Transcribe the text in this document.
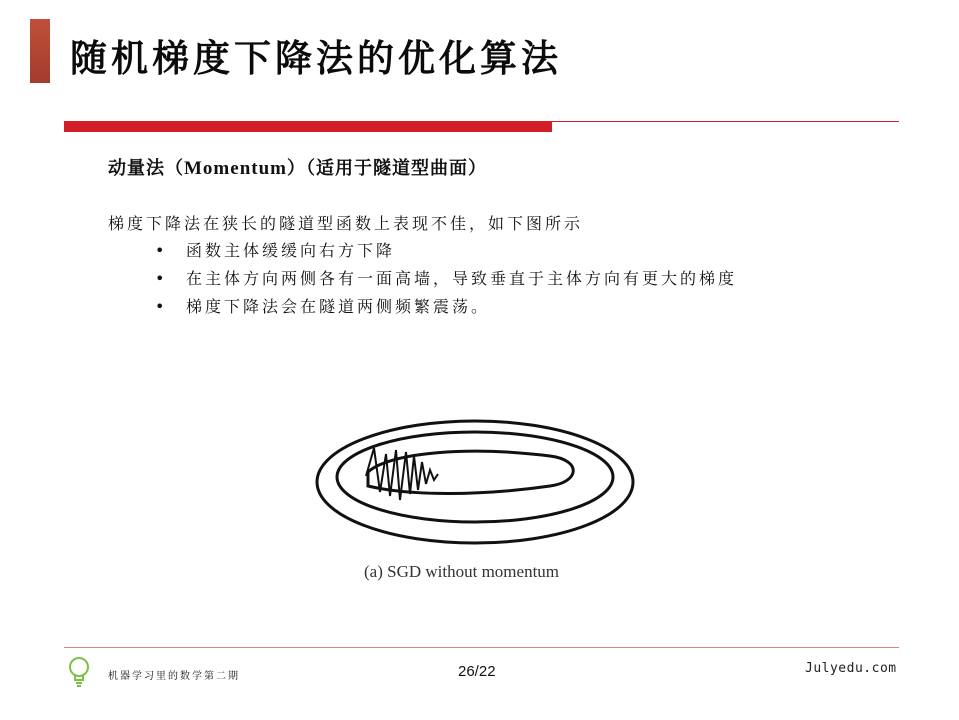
随机梯度下降法的优化算法
动量法（Momentum）（适用于隧道型曲面）
梯度下降法在狭长的隧道型函数上表现不佳，如下图所示
• 函数主体缓缓向右方下降
• 在主体方向两侧各有一面高墙，导致垂直于主体方向有更大的梯度
• 梯度下降法会在隧道两侧频繁震荡。
(a) SGD without momentum
机器学习里的数学第二期	26/22	Julyedu.com
